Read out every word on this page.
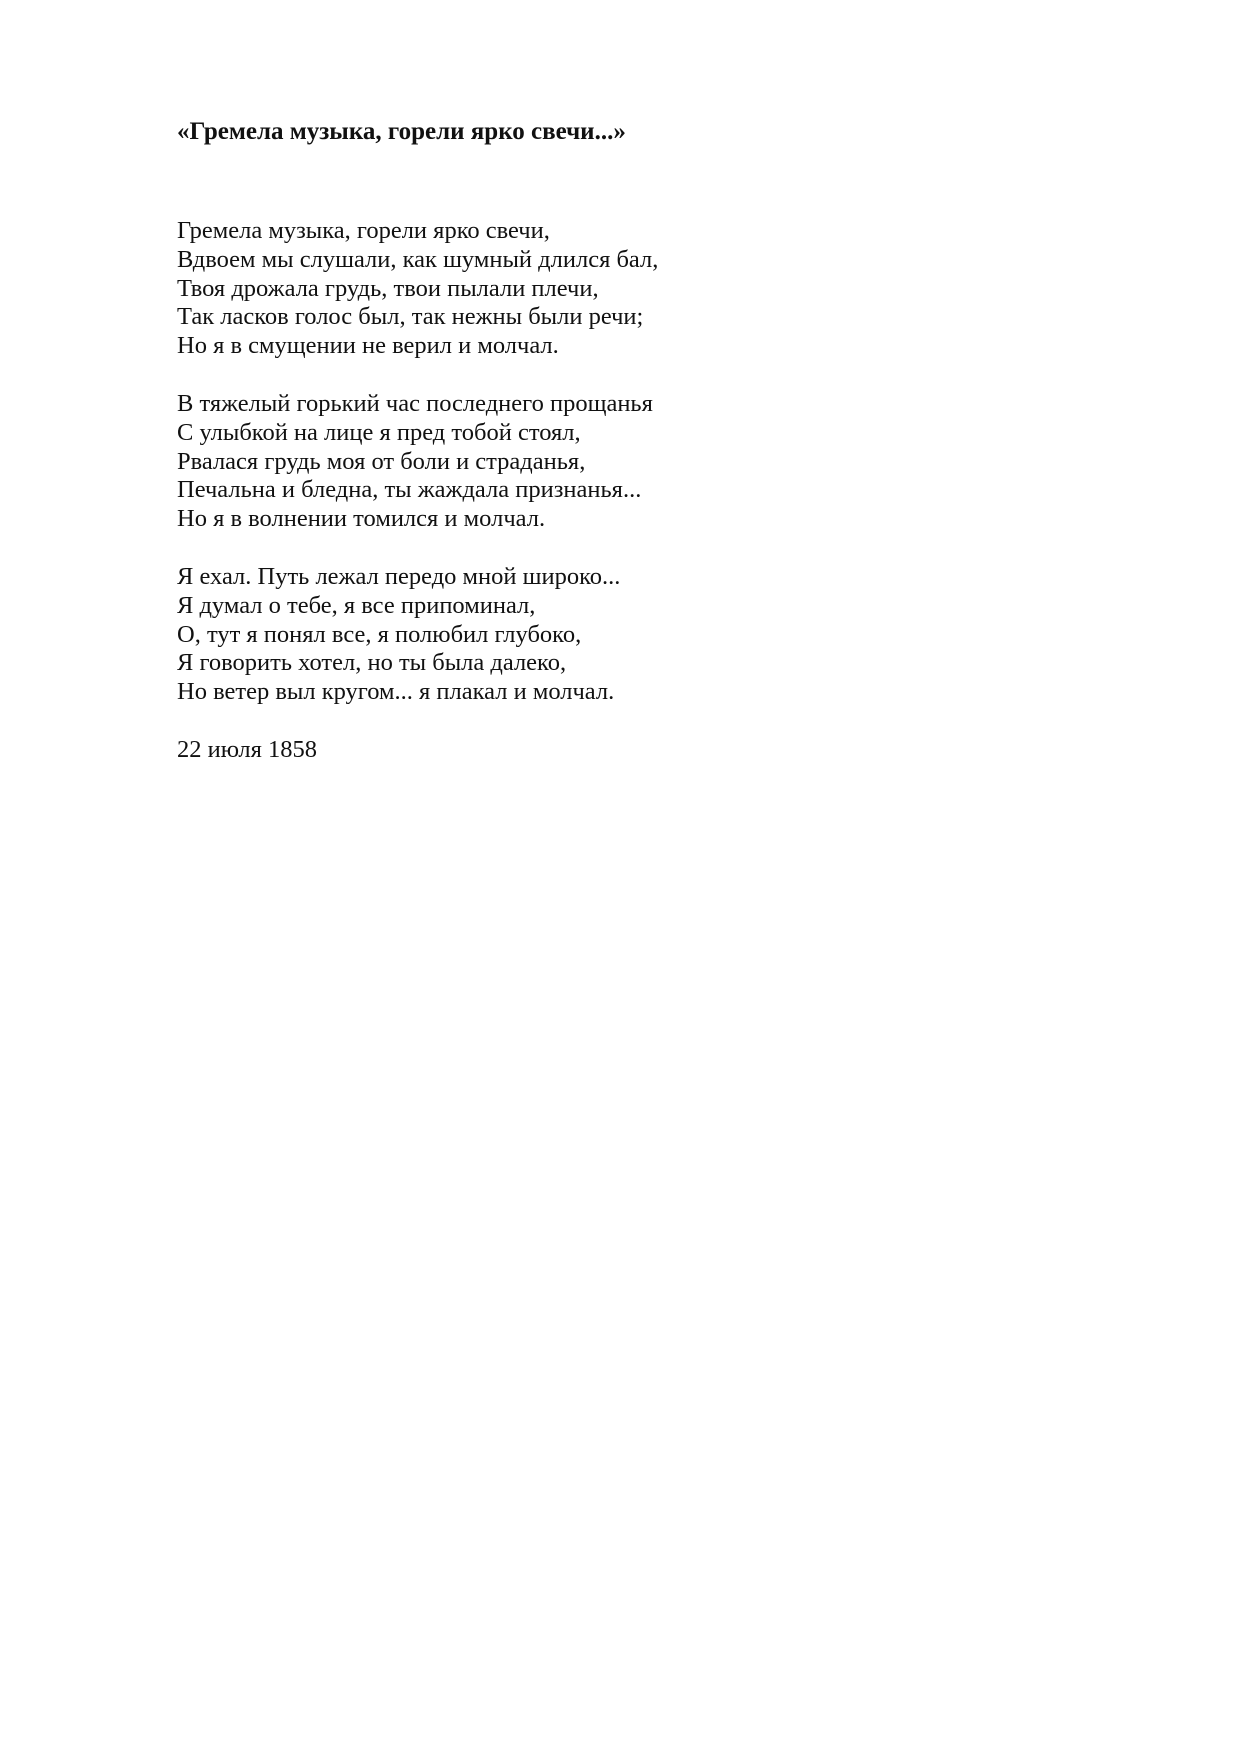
«Гремела музыка, горели ярко свечи...»

Гремела музыка, горели ярко свечи,
Вдвоем мы слушали, как шумный длился бал,
Твоя дрожала грудь, твои пылали плечи,
Так ласков голос был, так нежны были речи;
Но я в смущении не верил и молчал.

В тяжелый горький час последнего прощанья
С улыбкой на лице я пред тобой стоял,
Рвалася грудь моя от боли и страданья,
Печальна и бледна, ты жаждала признанья...
Но я в волнении томился и молчал.

Я ехал. Путь лежал передо мной широко...
Я думал о тебе, я все припоминал,
О, тут я понял все, я полюбил глубоко,
Я говорить хотел, но ты была далеко,
Но ветер выл кругом... я плакал и молчал.

22 июля 1858
